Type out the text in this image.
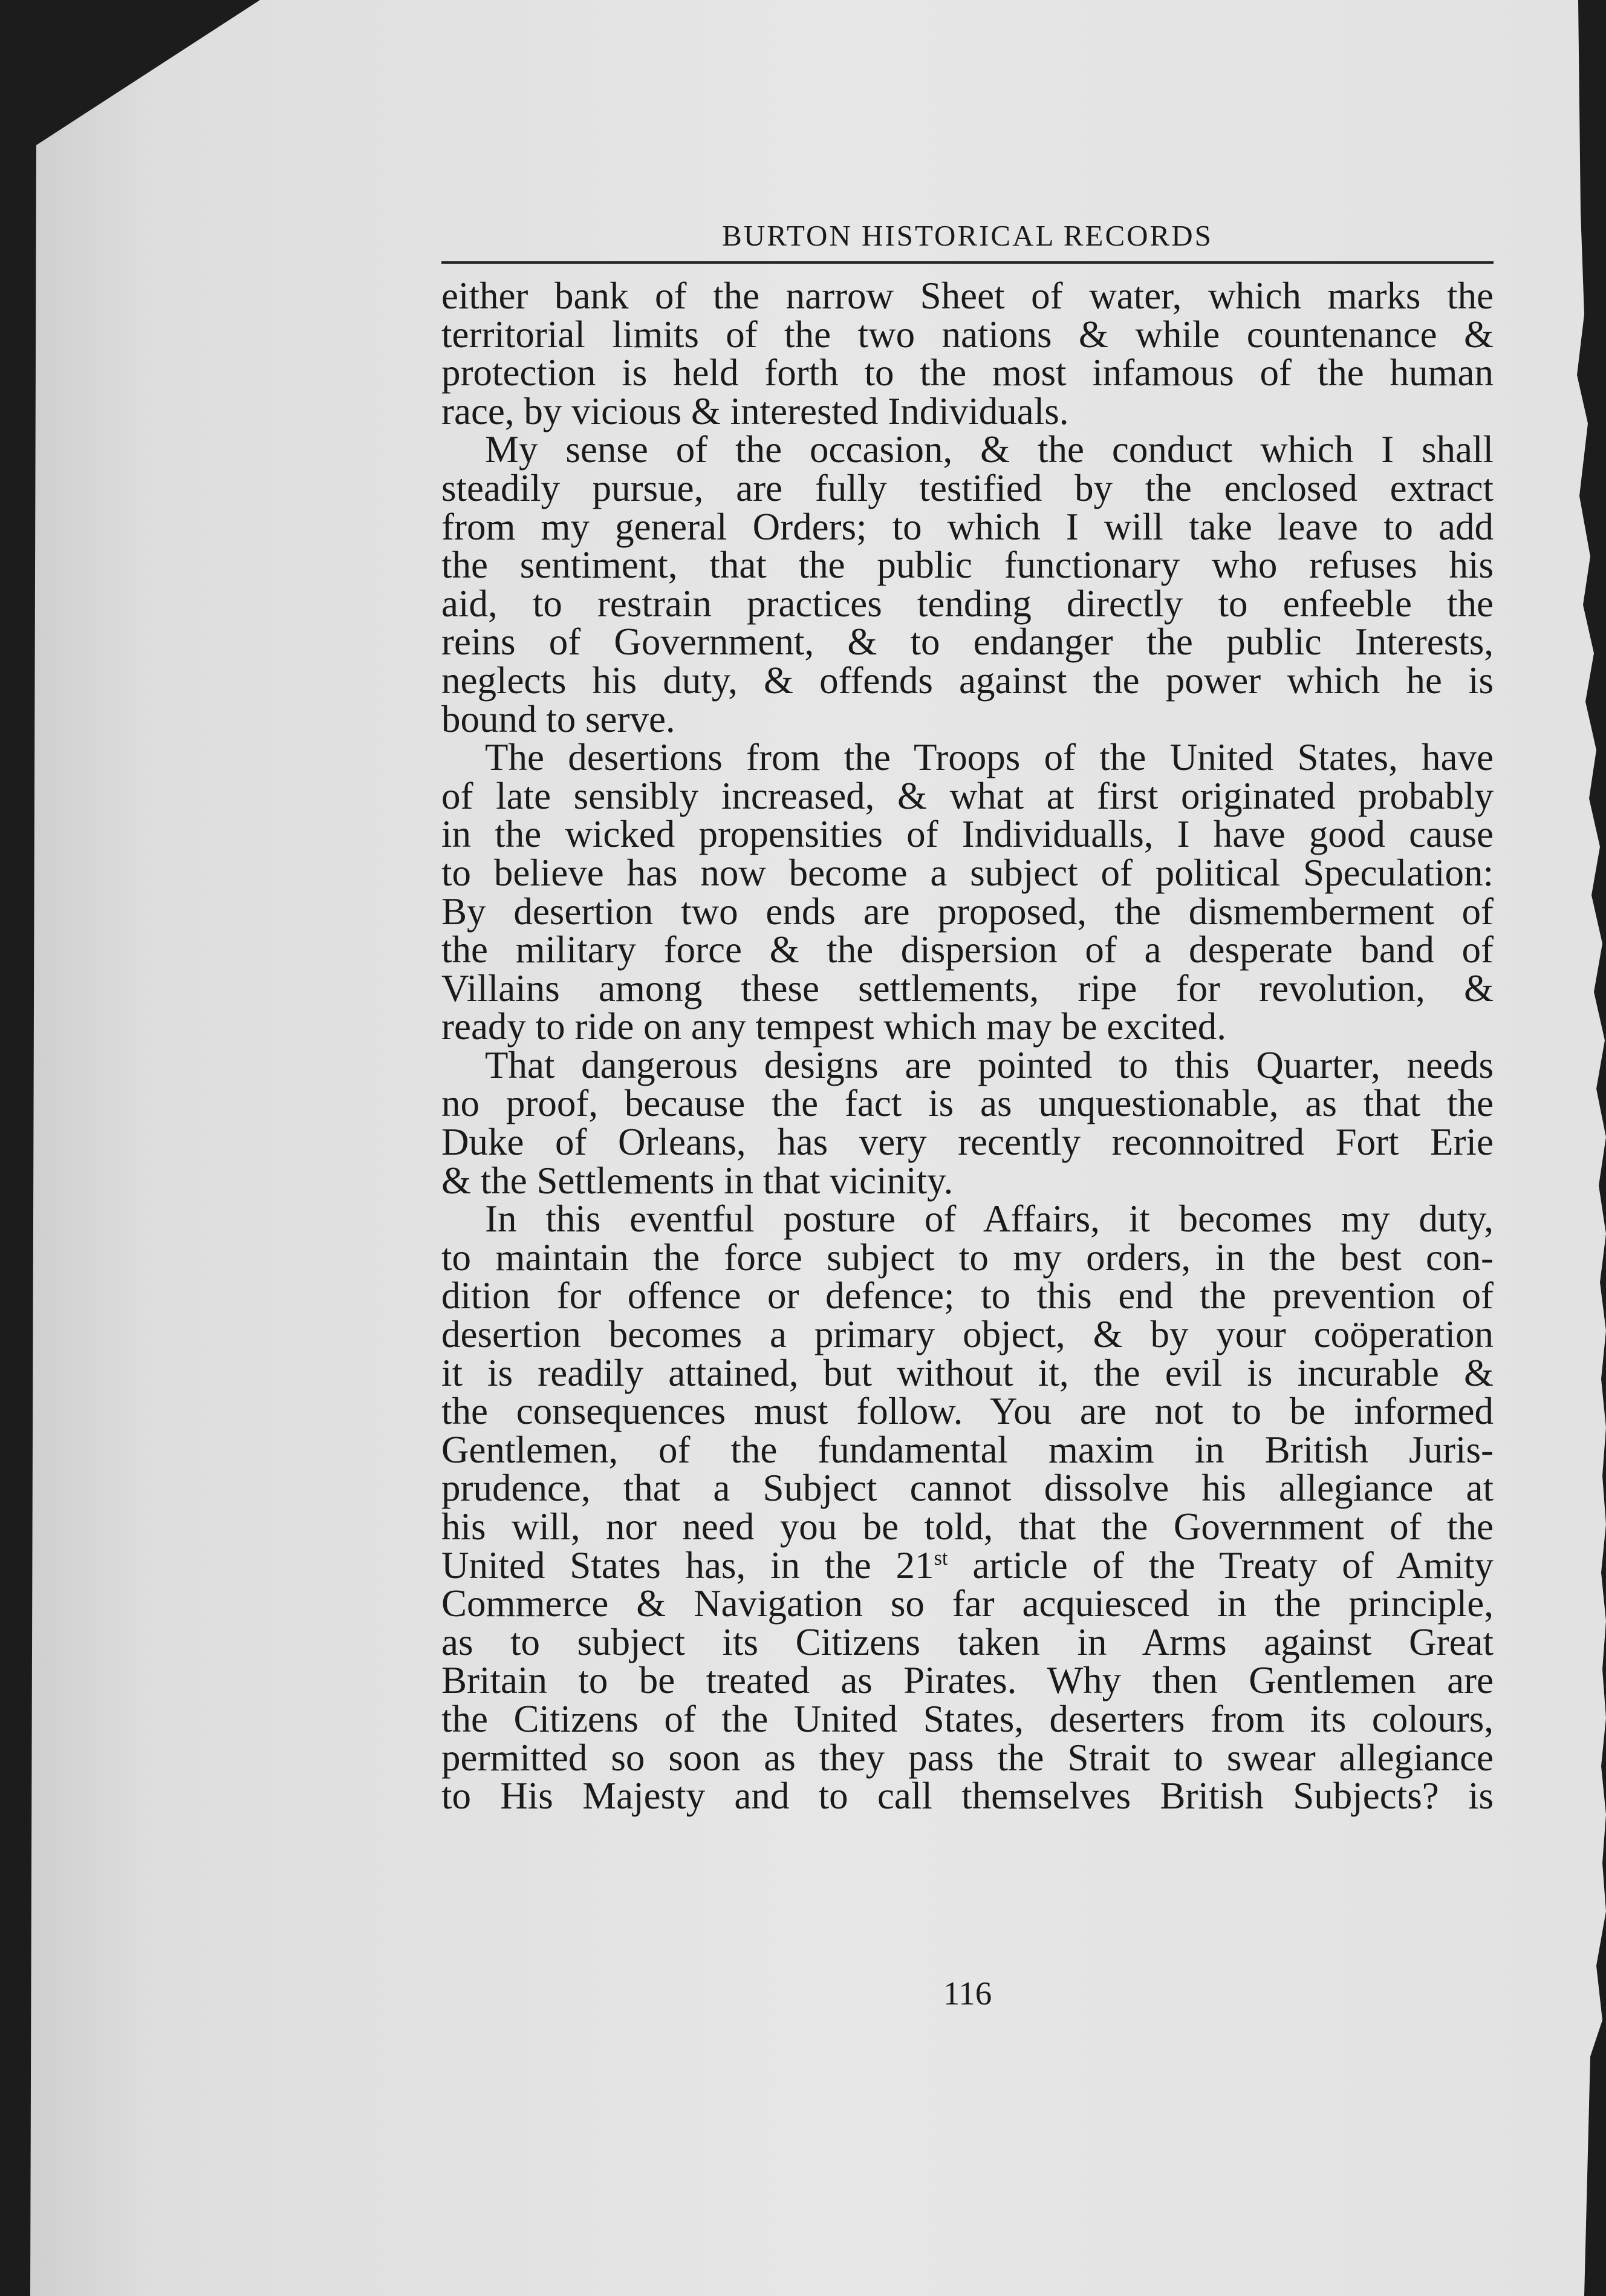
BURTON HISTORICAL RECORDS
either bank of the narrow Sheet of water, which marks the
territorial limits of the two nations & while countenance &
protection is held forth to the most infamous of the human
race, by vicious & interested Individuals.
My sense of the occasion, & the conduct which I shall
steadily pursue, are fully testified by the enclosed extract
from my general Orders; to which I will take leave to add
the sentiment, that the public functionary who refuses his
aid, to restrain practices tending directly to enfeeble the
reins of Government, & to endanger the public Interests,
neglects his duty, & offends against the power which he is
bound to serve.
The desertions from the Troops of the United States, have
of late sensibly increased, & what at first originated probably
in the wicked propensities of Individualls, I have good cause
to believe has now become a subject of political Speculation:
By desertion two ends are proposed, the dismemberment of
the military force & the dispersion of a desperate band of
Villains among these settlements, ripe for revolution, &
ready to ride on any tempest which may be excited.
That dangerous designs are pointed to this Quarter, needs
no proof, because the fact is as unquestionable, as that the
Duke of Orleans, has very recently reconnoitred Fort Erie
& the Settlements in that vicinity.
In this eventful posture of Affairs, it becomes my duty,
to maintain the force subject to my orders, in the best con-
dition for offence or defence; to this end the prevention of
desertion becomes a primary object, & by your coöperation
it is readily attained, but without it, the evil is incurable &
the consequences must follow. You are not to be informed
Gentlemen, of the fundamental maxim in British Juris-
prudence, that a Subject cannot dissolve his allegiance at
his will, nor need you be told, that the Government of the
United States has, in the 21st article of the Treaty of Amity
Commerce & Navigation so far acquiesced in the principle,
as to subject its Citizens taken in Arms against Great
Britain to be treated as Pirates. Why then Gentlemen are
the Citizens of the United States, deserters from its colours,
permitted so soon as they pass the Strait to swear allegiance
to His Majesty and to call themselves British Subjects? is
116
